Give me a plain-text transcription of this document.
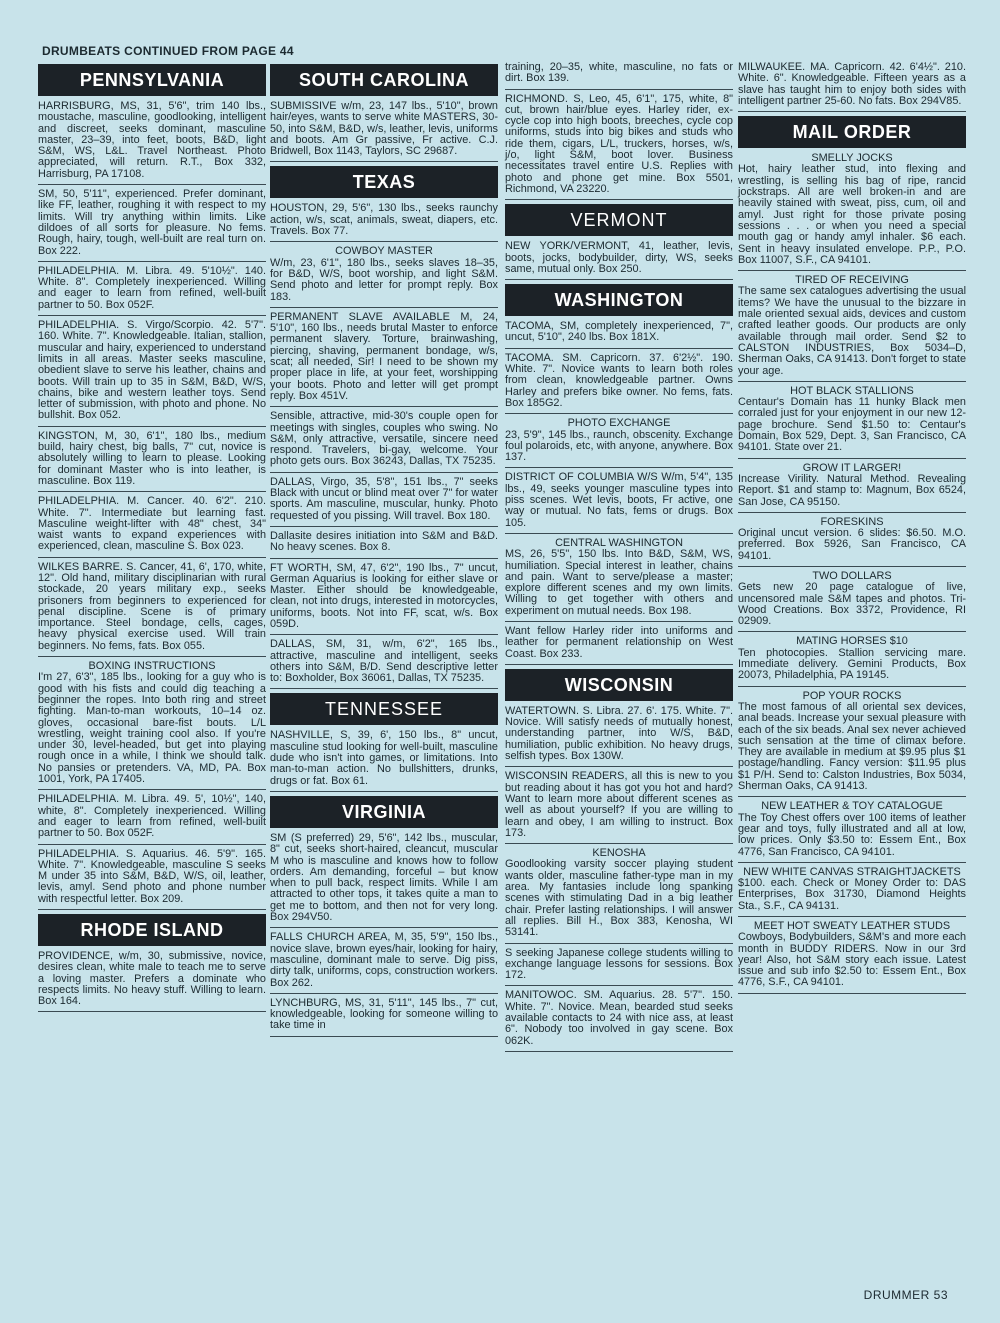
DRUMBEATS CONTINUED FROM PAGE 44
PENNSYLVANIA
HARRISBURG, MS, 31, 5'6", trim 140 lbs., moustache, masculine, goodlooking, intelligent and discreet, seeks dominant, masculine master, 23–39, into feet, boots, B&D, light S&M, WS, L&L. Travel Northeast. Photo appreciated, will return. R.T., Box 332, Harrisburg, PA 17108.
SM, 50, 5'11", experienced. Prefer dominant, like FF, leather, roughing it with respect to my limits. Will try anything within limits. Like dildoes of all sorts for pleasure. No fems. Rough, hairy, tough, well-built are real turn on. Box 222.
PHILADELPHIA. M. Libra. 49. 5'10½". 140. White. 8". Completely inexperienced. Willing and eager to learn from refined, well-built partner to 50. Box 052F.
PHILADELPHIA. S. Virgo/Scorpio. 42. 5'7". 160. White. 7". Knowledgeable. Italian, stallion, muscular and hairy, experienced to understand limits in all areas. Master seeks masculine, obedient slave to serve his leather, chains and boots. Will train up to 35 in S&M, B&D, W/S, chains, bike and western leather toys. Send letter of submission, with photo and phone. No bullshit. Box 052.
KINGSTON, M, 30, 6'1", 180 lbs., medium build, hairy chest, big balls, 7" cut, novice is absolutely willing to learn to please. Looking for dominant Master who is into leather, is masculine. Box 119.
PHILADELPHIA. M. Cancer. 40. 6'2". 210. White. 7". Intermediate but learning fast. Masculine weight-lifter with 48" chest, 34" waist wants to expand experiences with experienced, clean, masculine S. Box 023.
WILKES BARRE. S. Cancer, 41, 6', 170, white, 12". Old hand, military disciplinarian with rural stockade, 20 years military exp., seeks prisoners from beginners to experienced for penal discipline. Scene is of primary importance. Steel bondage, cells, cages, heavy physical exercise used. Will train beginners. No fems, fats. Box 055.
BOXING INSTRUCTIONS
I'm 27, 6'3", 185 lbs., looking for a guy who is good with his fists and could dig teaching a beginner the ropes. Into both ring and street fighting. Man-to-man workouts, 10–14 oz. gloves, occasional bare-fist bouts. L/L wrestling, weight training cool also. If you're under 30, level-headed, but get into playing rough once in a while, I think we should talk. No pansies or pretenders. VA, MD, PA. Box 1001, York, PA 17405.
PHILADELPHIA. M. Libra. 49. 5', 10½", 140, white, 8". Completely inexperienced. Willing and eager to learn from refined, well-built partner to 50. Box 052F.
PHILADELPHIA. S. Aquarius. 46. 5'9". 165. White. 7". Knowledgeable, masculine S seeks M under 35 into S&M, B&D, W/S, oil, leather, levis, amyl. Send photo and phone number with respectful letter. Box 209.
RHODE ISLAND
PROVIDENCE, w/m, 30, submissive, novice, desires clean, white male to teach me to serve a loving master. Prefers a dominate who respects limits. No heavy stuff. Willing to learn. Box 164.
SOUTH CAROLINA
SUBMISSIVE w/m, 23, 147 lbs., 5'10", brown hair/eyes, wants to serve white MASTERS, 30-50, into S&M, B&D, w/s, leather, levis, uniforms and boots. Am Gr passive, Fr active. C.J. Bridwell, Box 1143, Taylors, SC 29687.
TEXAS
HOUSTON, 29, 5'6", 130 lbs., seeks raunchy action, w/s, scat, animals, sweat, diapers, etc. Travels. Box 77.
COWBOY MASTER
W/m, 23, 6'1", 180 lbs., seeks slaves 18–35, for B&D, W/S, boot worship, and light S&M. Send photo and letter for prompt reply. Box 183.
PERMANENT SLAVE AVAILABLE M, 24, 5'10", 160 lbs., needs brutal Master to enforce permanent slavery. Torture, brainwashing, piercing, shaving, permanent bondage, w/s, scat; all needed, Sir! I need to be shown my proper place in life, at your feet, worshipping your boots. Photo and letter will get prompt reply. Box 451V.
Sensible, attractive, mid-30's couple open for meetings with singles, couples who swing. No S&M, only attractive, versatile, sincere need respond. Travelers, bi-gay, welcome. Your photo gets ours. Box 36243, Dallas, TX 75235.
DALLAS, Virgo, 35, 5'8", 151 lbs., 7" seeks Black with uncut or blind meat over 7" for water sports. Am masculine, muscular, hunky. Photo requested of you pissing. Will travel. Box 180.
Dallasite desires initiation into S&M and B&D. No heavy scenes. Box 8.
FT WORTH, SM, 47, 6'2", 190 lbs., 7" uncut, German Aquarius is looking for either slave or Master. Either should be knowledgeable, clean, not into drugs, interested in motorcycles, uniforms, boots. Not into FF, scat, w/s. Box 059D.
DALLAS, SM, 31, w/m, 6'2", 165 lbs., attractive, masculine and intelligent, seeks others into S&M, B/D. Send descriptive letter to: Boxholder, Box 36061, Dallas, TX 75235.
TENNESSEE
NASHVILLE, S, 39, 6', 150 lbs., 8" uncut, masculine stud looking for well-built, masculine dude who isn't into games, or limitations. Into man-to-man action. No bullshitters, drunks, drugs or fat. Box 61.
VIRGINIA
SM (S preferred) 29, 5'6", 142 lbs., muscular, 8" cut, seeks short-haired, cleancut, muscular M who is masculine and knows how to follow orders. Am demanding, forceful – but know when to pull back, respect limits. While I am attracted to other tops, it takes quite a man to get me to bottom, and then not for very long. Box 294V50.
FALLS CHURCH AREA, M, 35, 5'9", 150 lbs., novice slave, brown eyes/hair, looking for hairy, masculine, dominant male to serve. Dig piss, dirty talk, uniforms, cops, construction workers. Box 262.
LYNCHBURG, MS, 31, 5'11", 145 lbs., 7" cut, knowledgeable, looking for someone willing to take time in
training, 20–35, white, masculine, no fats or dirt. Box 139.
RICHMOND. S, Leo, 45, 6'1", 175, white, 8" cut, brown hair/blue eyes. Harley rider, ex-cycle cop into high boots, breeches, cycle cop uniforms, studs into big bikes and studs who ride them, cigars, L/L, truckers, horses, w/s, j/o, light S&M, boot lover. Business necessitates travel entire U.S. Replies with photo and phone get mine. Box 5501, Richmond, VA 23220.
VERMONT
NEW YORK/VERMONT, 41, leather, levis, boots, jocks, bodybuilder, dirty, WS, seeks same, mutual only. Box 250.
WASHINGTON
TACOMA, SM, completely inexperienced, 7", uncut, 5'10", 240 lbs. Box 181X.
TACOMA. SM. Capricorn. 37. 6'2½". 190. White. 7". Novice wants to learn both roles from clean, knowledgeable partner. Owns Harley and prefers bike owner. No fems, fats. Box 185G2.
PHOTO EXCHANGE
23, 5'9", 145 lbs., raunch, obscenity. Exchange foul polaroids, etc, with anyone, anywhere. Box 137.
DISTRICT OF COLUMBIA W/S W/m, 5'4", 135 lbs., 49, seeks younger masculine types into piss scenes. Wet levis, boots, Fr active, one way or mutual. No fats, fems or drugs. Box 105.
CENTRAL WASHINGTON
MS, 26, 5'5", 150 lbs. Into B&D, S&M, WS, humiliation. Special interest in leather, chains and pain. Want to serve/please a master; explore different scenes and my own limits. Willing to get together with others and experiment on mutual needs. Box 198.
Want fellow Harley rider into uniforms and leather for permanent relationship on West Coast. Box 233.
WISCONSIN
WATERTOWN. S. Libra. 27. 6'. 175. White. 7". Novice. Will satisfy needs of mutually honest, understanding partner, into W/S, B&D, humiliation, public exhibition. No heavy drugs, selfish types. Box 130W.
WISCONSIN READERS, all this is new to you but reading about it has got you hot and hard? Want to learn more about different scenes as well as about yourself? If you are willing to learn and obey, I am willing to instruct. Box 173.
KENOSHA
Goodlooking varsity soccer playing student wants older, masculine father-type man in my area. My fantasies include long spanking scenes with stimulating Dad in a big leather chair. Prefer lasting relationships. I will answer all replies. Bill H., Box 383, Kenosha, WI 53141.
S seeking Japanese college students willing to exchange language lessons for sessions. Box 172.
MANITOWOC. SM. Aquarius. 28. 5'7". 150. White. 7". Novice. Mean, bearded stud seeks available contacts to 24 with nice ass, at least 6". Nobody too involved in gay scene. Box 062K.
MILWAUKEE. MA. Capricorn. 42. 6'4½". 210. White. 6". Knowledgeable. Fifteen years as a slave has taught him to enjoy both sides with intelligent partner 25-60. No fats. Box 294V85.
MAIL ORDER
SMELLY JOCKS
Hot, hairy leather stud, into flexing and wrestling, is selling his bag of ripe, rancid jockstraps. All are well broken-in and are heavily stained with sweat, piss, cum, oil and amyl. Just right for those private posing sessions . . . or when you need a special mouth gag or handy amyl inhaler. $6 each. Sent in heavy insulated envelope. P.P., P.O. Box 11007, S.F., CA 94101.
TIRED OF RECEIVING
The same sex catalogues advertising the usual items? We have the unusual to the bizzare in male oriented sexual aids, devices and custom crafted leather goods. Our products are only available through mail order. Send $2 to CALSTON INDUSTRIES, Box 5034–D, Sherman Oaks, CA 91413. Don't forget to state your age.
HOT BLACK STALLIONS
Centaur's Domain has 11 hunky Black men corraled just for your enjoyment in our new 12-page brochure. Send $1.50 to: Centaur's Domain, Box 529, Dept. 3, San Francisco, CA 94101. State over 21.
GROW IT LARGER!
Increase Virility. Natural Method. Revealing Report. $1 and stamp to: Magnum, Box 6524, San Jose, CA 95150.
FORESKINS
Original uncut version. 6 slides: $6.50. M.O. preferred. Box 5926, San Francisco, CA 94101.
TWO DOLLARS
Gets new 20 page catalogue of live, uncensored male S&M tapes and photos. Tri-Wood Creations. Box 3372, Providence, RI 02909.
MATING HORSES $10
Ten photocopies. Stallion servicing mare. Immediate delivery. Gemini Products, Box 20073, Philadelphia, PA 19145.
POP YOUR ROCKS
The most famous of all oriental sex devices, anal beads. Increase your sexual pleasure with each of the six beads. Anal sex never achieved such sensation at the time of climax before. They are available in medium at $9.95 plus $1 postage/handling. Fancy version: $11.95 plus $1 P/H. Send to: Calston Industries, Box 5034, Sherman Oaks, CA 91413.
NEW LEATHER & TOY CATALOGUE
The Toy Chest offers over 100 items of leather gear and toys, fully illustrated and all at low, low prices. Only $3.50 to: Essem Ent., Box 4776, San Francisco, CA 94101.
NEW WHITE CANVAS STRAIGHTJACKETS
$100. each. Check or Money Order to: DAS Enterprises, Box 31730, Diamond Heights Sta., S.F., CA 94131.
MEET HOT SWEATY LEATHER STUDS
Cowboys, Bodybuilders, S&M's and more each month in BUDDY RIDERS. Now in our 3rd year! Also, hot S&M story each issue. Latest issue and sub info $2.50 to: Essem Ent., Box 4776, S.F., CA 94101.
DRUMMER 53
